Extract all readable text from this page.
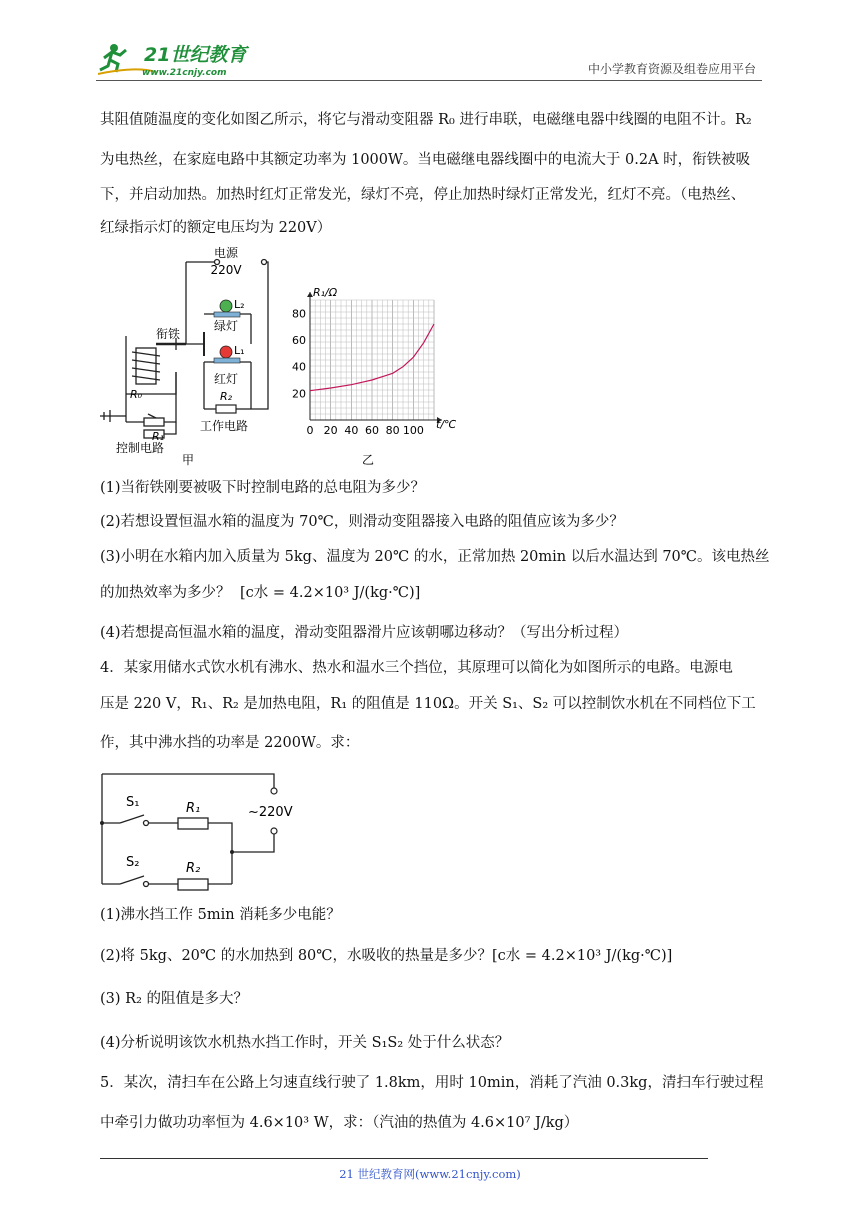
21世纪教育
www.21cnjy.com	中小学教育资源及组卷应用平台
其阻值随温度的变化如图乙所示，将它与滑动变阻器 R₀ 进行串联，电磁继电器中线圈的电阻不计。R₂
为电热丝，在家庭电路中其额定功率为 1000W。当电磁继电器线圈中的电流大于 0.2A 时，衔铁被吸
下，并启动加热。加热时红灯正常发光，绿灯不亮，停止加热时绿灯正常发光，红灯不亮。（电热丝、
红绿指示灯的额定电压均为 220V）
电源
220V
L₂
绿灯
L₁
红灯
衔铁
R₀
R₁
R₂
控制电路
工作电路
甲
0 20 40 60 80 100
20
40
60
80
R₁/Ω
t/℃
乙
(1)当衔铁刚要被吸下时控制电路的总电阻为多少？
(2)若想设置恒温水箱的温度为 70℃，则滑动变阻器接入电路的阻值应该为多少？
(3)小明在水箱内加入质量为 5kg、温度为 20℃ 的水，正常加热 20min 以后水温达到 70℃。该电热丝
的加热效率为多少？ [c水 = 4.2×10³ J/(kg·℃)]
(4)若想提高恒温水箱的温度，滑动变阻器滑片应该朝哪边移动？（写出分析过程）
4．某家用储水式饮水机有沸水、热水和温水三个挡位，其原理可以简化为如图所示的电路。电源电
压是 220 V，R₁、R₂ 是加热电阻，R₁ 的阻值是 110Ω。开关 S₁、S₂ 可以控制饮水机在不同档位下工
作，其中沸水挡的功率是 2200W。求：
S₁	R₁
S₂	R₂
~220V
(1)沸水挡工作 5min 消耗多少电能？
(2)将 5kg、20℃ 的水加热到 80℃，水吸收的热量是多少？[c水 = 4.2×10³ J/(kg·℃)]
(3) R₂ 的阻值是多大？
(4)分析说明该饮水机热水挡工作时，开关 S₁S₂ 处于什么状态？
5．某次，清扫车在公路上匀速直线行驶了 1.8km，用时 10min，消耗了汽油 0.3kg，清扫车行驶过程
中牵引力做功功率恒为 4.6×10³ W，求：（汽油的热值为 4.6×10⁷ J/kg）
21 世纪教育网(www.21cnjy.com)
